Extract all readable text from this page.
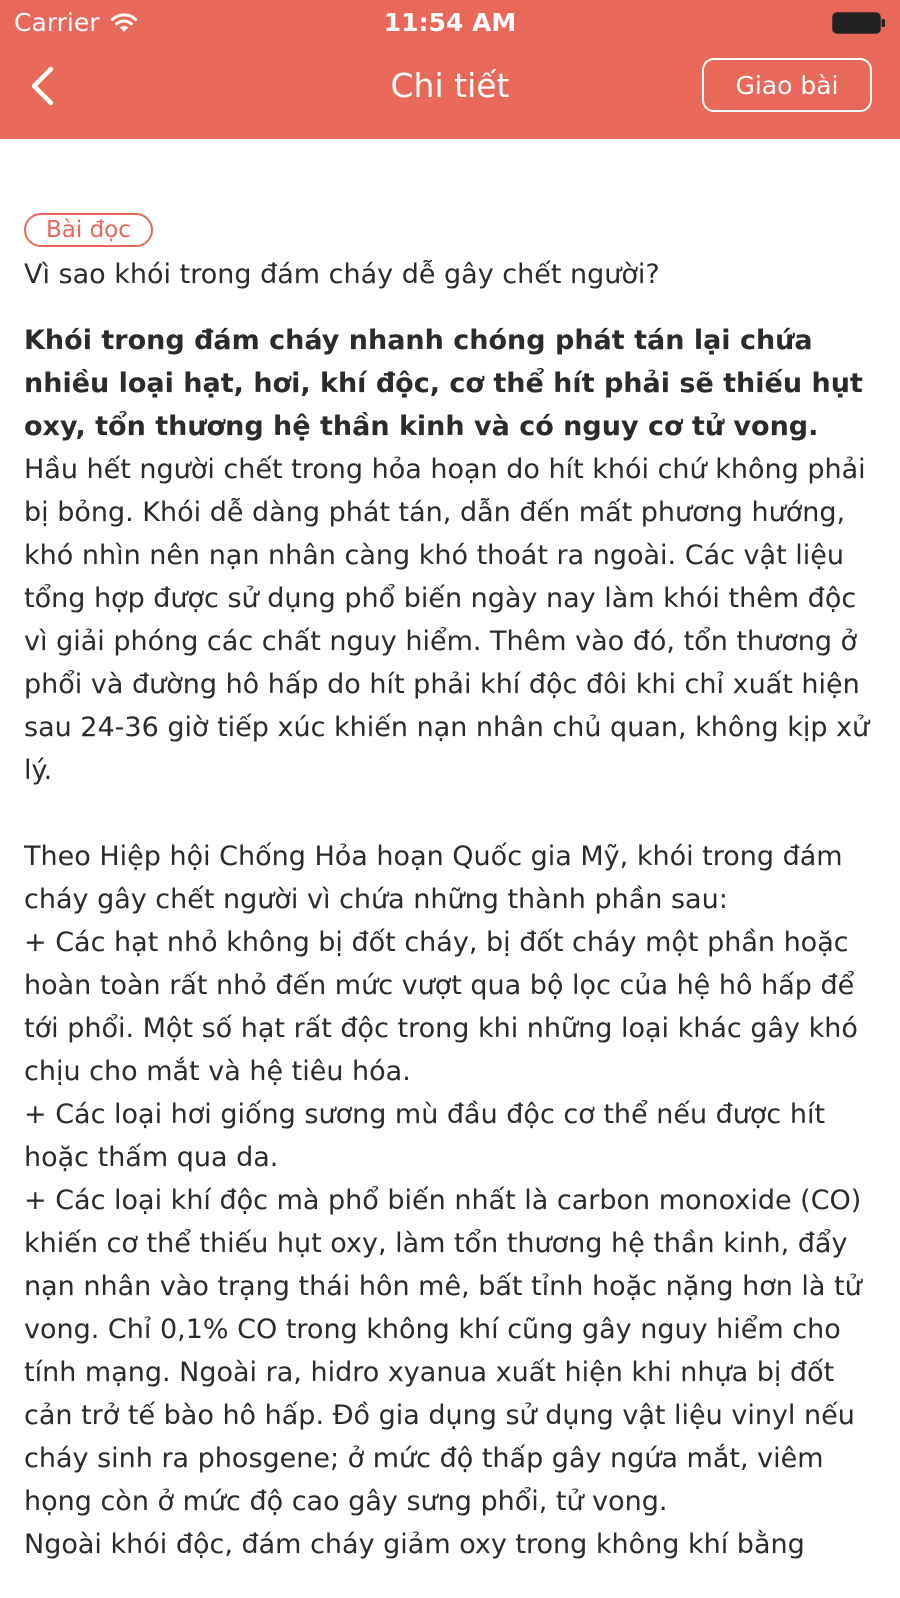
Carrier	11:54 AM
Chi tiết	Giao bài
Bài đọc
Vì sao khói trong đám cháy dễ gây chết người?

Khói trong đám cháy nhanh chóng phát tán lại chứa nhiều loại hạt, hơi, khí độc, cơ thể hít phải sẽ thiếu hụt oxy, tổn thương hệ thần kinh và có nguy cơ tử vong.

Hầu hết người chết trong hỏa hoạn do hít khói chứ không phải bị bỏng. Khói dễ dàng phát tán, dẫn đến mất phương hướng, khó nhìn nên nạn nhân càng khó thoát ra ngoài. Các vật liệu tổng hợp được sử dụng phổ biến ngày nay làm khói thêm độc vì giải phóng các chất nguy hiểm. Thêm vào đó, tổn thương ở phổi và đường hô hấp do hít phải khí độc đôi khi chỉ xuất hiện sau 24-36 giờ tiếp xúc khiến nạn nhân chủ quan, không kịp xử lý.

Theo Hiệp hội Chống Hỏa hoạn Quốc gia Mỹ, khói trong đám cháy gây chết người vì chứa những thành phần sau:

+ Các hạt nhỏ không bị đốt cháy, bị đốt cháy một phần hoặc hoàn toàn rất nhỏ đến mức vượt qua bộ lọc của hệ hô hấp để tới phổi. Một số hạt rất độc trong khi những loại khác gây khó chịu cho mắt và hệ tiêu hóa.

+ Các loại hơi giống sương mù đầu độc cơ thể nếu được hít hoặc thấm qua da.

+ Các loại khí độc mà phổ biến nhất là carbon monoxide (CO) khiến cơ thể thiếu hụt oxy, làm tổn thương hệ thần kinh, đẩy nạn nhân vào trạng thái hôn mê, bất tỉnh hoặc nặng hơn là tử vong. Chỉ 0,1% CO trong không khí cũng gây nguy hiểm cho tính mạng. Ngoài ra, hidro xyanua xuất hiện khi nhựa bị đốt cản trở tế bào hô hấp. Đồ gia dụng sử dụng vật liệu vinyl nếu cháy sinh ra phosgene; ở mức độ thấp gây ngứa mắt, viêm họng còn ở mức độ cao gây sưng phổi, tử vong.

Ngoài khói độc, đám cháy giảm oxy trong không khí bằng
